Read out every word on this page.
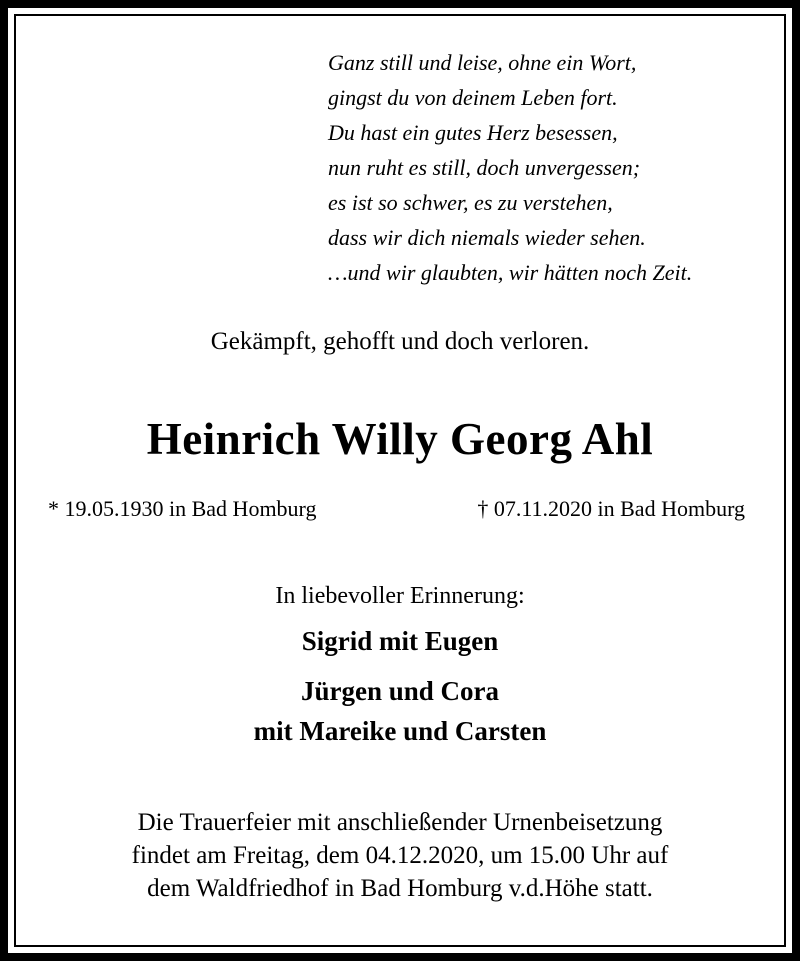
Ganz still und leise, ohne ein Wort,
gingst du von deinem Leben fort.
Du hast ein gutes Herz besessen,
nun ruht es still, doch unvergessen;
es ist so schwer, es zu verstehen,
dass wir dich niemals wieder sehen.
…und wir glaubten, wir hätten noch Zeit.
Gekämpft, gehofft und doch verloren.
Heinrich Willy Georg Ahl
* 19.05.1930 in Bad Homburg	† 07.11.2020 in Bad Homburg
In liebevoller Erinnerung:
Sigrid mit Eugen
Jürgen und Cora
mit Mareike und Carsten
Die Trauerfeier mit anschließender Urnenbeisetzung
findet am Freitag, dem 04.12.2020, um 15.00 Uhr auf
dem Waldfriedhof in Bad Homburg v.d.Höhe statt.
